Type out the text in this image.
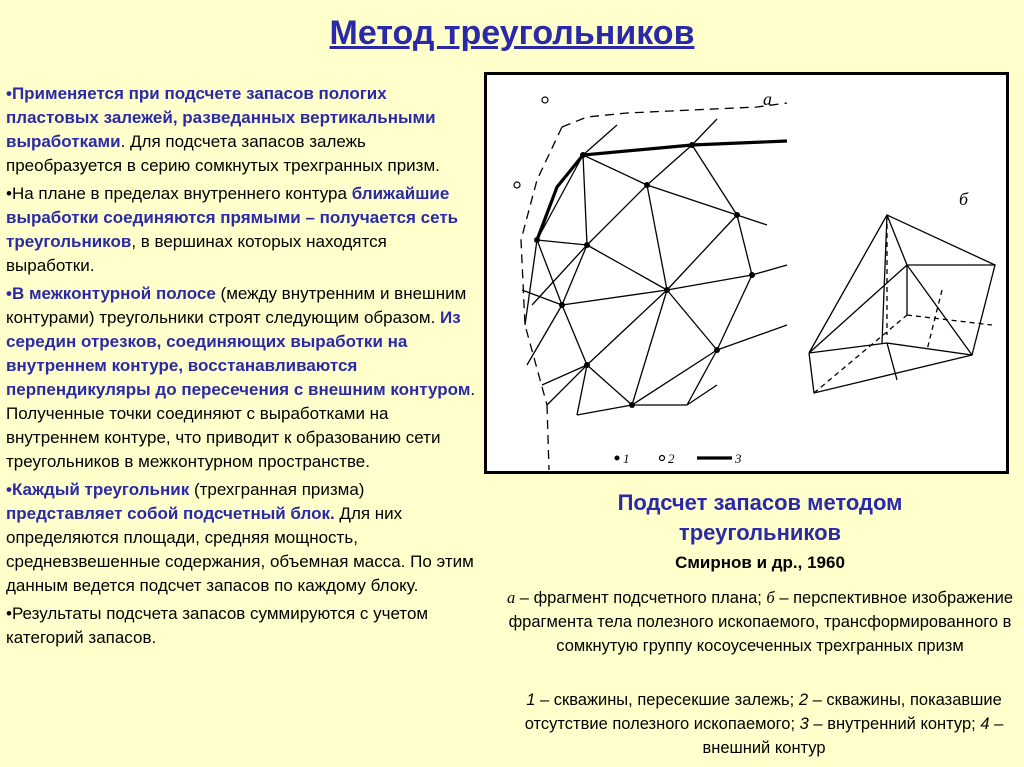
Метод треугольников

•Применяется при подсчете запасов пологих пластовых залежей, разведанных вертикальными выработками. Для подсчета запасов залежь преобразуется в серию сомкнутых трехгранных призм.

•На плане в пределах внутреннего контура ближайшие выработки соединяются прямыми – получается сеть треугольников, в вершинах которых находятся выработки.

•В межконтурной полосе (между внутренним и внешним контурами) треугольники строят следующим образом. Из середин отрезков, соединяющих выработки на внутреннем контуре, восстанавливаются перпендикуляры до пересечения с внешним контуром. Полученные точки соединяют с выработками на внутреннем контуре, что приводит к образованию сети треугольников в межконтурном пространстве.

•Каждый треугольник (трехгранная призма) представляет собой подсчетный блок. Для них определяются площади, средняя мощность, средневзвешенные содержания, объемная масса. По этим данным ведется подсчет запасов по каждому блоку.

•Результаты подсчета запасов суммируются с учетом категорий запасов.

а
б
1	2	3
Подсчет запасов методом треугольников
Смирнов и др., 1960
а – фрагмент подсчетного плана; б – перспективное изображение фрагмента тела полезного ископаемого, трансформированного в сомкнутую группу косоусеченных трехгранных призм
1 – скважины, пересекшие залежь; 2 – скважины, показавшие отсутствие полезного ископаемого; 3 – внутренний контур; 4 – внешний контур
